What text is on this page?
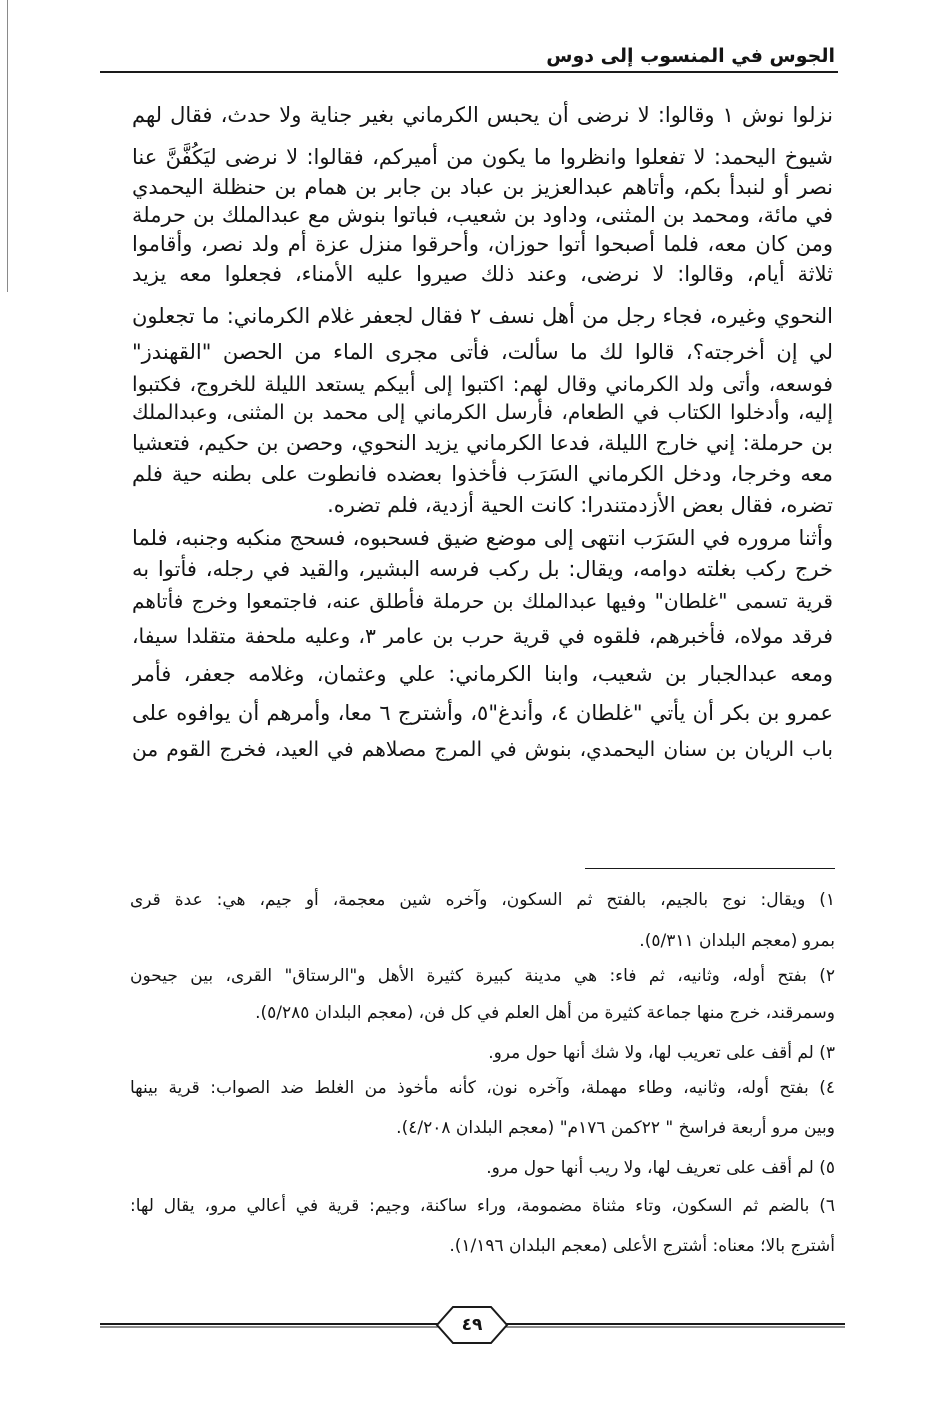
الجوس في المنسوب إلى دوس
نزلوا نوش ١ وقالوا: لا نرضى أن يحبس الكرماني بغير جناية ولا حدث، فقال لهم
شيوخ اليحمد: لا تفعلوا وانظروا ما يكون من أميركم، فقالوا: لا نرضى ليَكُفَّنَّ عنا
نصر أو لنبدأ بكم، وأتاهم عبدالعزيز بن عباد بن جابر بن همام بن حنظلة اليحمدي
في مائة، ومحمد بن المثنى، وداود بن شعيب، فباتوا بنوش مع عبدالملك بن حرملة
ومن كان معه، فلما أصبحوا أتوا حوزان، وأحرقوا منزل عزة أم ولد نصر، وأقاموا
ثلاثة أيام، وقالوا: لا نرضى، وعند ذلك صيروا عليه الأمناء، فجعلوا معه يزيد
النحوي وغيره، فجاء رجل من أهل نسف ٢ فقال لجعفر غلام الكرماني: ما تجعلون
لي إن أخرجته؟، قالوا لك ما سألت، فأتى مجرى الماء من الحصن "القهندز"
فوسعه، وأتى ولد الكرماني وقال لهم: اكتبوا إلى أبيكم يستعد الليلة للخروج، فكتبوا
إليه، وأدخلوا الكتاب في الطعام، فأرسل الكرماني إلى محمد بن المثنى، وعبدالملك
بن حرملة: إني خارج الليلة، فدعا الكرماني يزيد النحوي، وحصن بن حكيم، فتعشيا
معه وخرجا، ودخل الكرماني السَرَب فأخذوا بعضده فانطوت على بطنه حية فلم
تضره، فقال بعض الأزدمتندرا: كانت الحية أزدية، فلم تضره.
وأثنا مروره في السَرَب انتهى إلى موضع ضيق فسحبوه، فسحج منكبه وجنبه، فلما
خرج ركب بغلته دوامه، ويقال: بل ركب فرسه البشير، والقيد في رجله، فأتوا به
قرية تسمى "غلطان" وفيها عبدالملك بن حرملة فأطلق عنه، فاجتمعوا وخرج فأتاهم
فرقد مولاه، فأخبرهم، فلقوه في قرية حرب بن عامر ٣، وعليه ملحفة متقلدا سيفا،
ومعه عبدالجبار بن شعيب، وابنا الكرماني: علي وعثمان، وغلامه جعفر، فأمر
عمرو بن بكر أن يأتي "غلطان ٤، وأندغ"٥، وأشترج ٦ معا، وأمرهم أن يوافوه على
باب الريان بن سنان اليحمدي، بنوش في المرج مصلاهم في العيد، فخرج القوم من
١) ويقال: نوج بالجيم، بالفتح ثم السكون، وآخره شين معجمة، أو جيم، هي: عدة قرى
بمرو (معجم البلدان ٥/٣١١).
٢) بفتح أوله، وثانيه، ثم فاء: هي مدينة كبيرة كثيرة الأهل و"الرستاق" القرى، بين جيحون
وسمرقند، خرج منها جماعة كثيرة من أهل العلم في كل فن، (معجم البلدان ٥/٢٨٥).
٣) لم أقف على تعريب لها، ولا شك أنها حول مرو.
٤) بفتح أوله، وثانيه، وطاء مهملة، وآخره نون، كأنه مأخوذ من الغلط ضد الصواب: قرية بينها
وبين مرو أربعة فراسخ " ٢٢كمن ١٧٦م" (معجم البلدان ٤/٢٠٨).
٥) لم أقف على تعريف لها، ولا ريب أنها حول مرو.
٦) بالضم ثم السكون، وتاء مثناة مضمومة، وراء ساكنة، وجيم: قرية في أعالي مرو، يقال لها:
أشترج بالا؛ معناه: أشترج الأعلى (معجم البلدان ١/١٩٦).
٤٩
